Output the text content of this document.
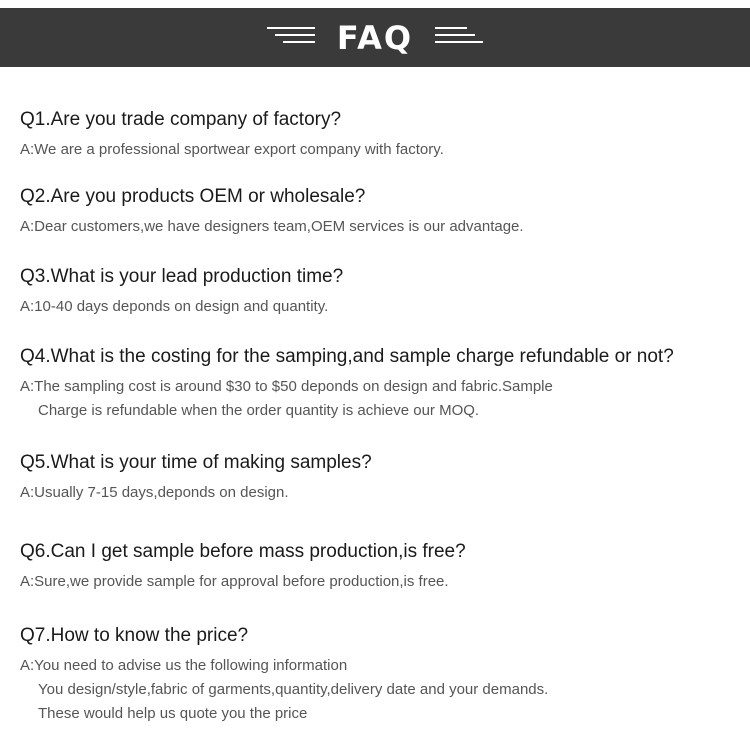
FAQ
Q1.Are you trade company of factory?
A:We are a professional sportwear export company with factory.
Q2.Are you products OEM or wholesale?
A:Dear customers,we have designers team,OEM services is our advantage.
Q3.What is your lead production time?
A:10-40 days deponds on design and quantity.
Q4.What is the costing for the samping,and sample charge refundable or not?
A:The sampling cost is around $30 to $50 deponds on design and fabric.Sample
Charge is refundable when the order quantity is achieve our MOQ.
Q5.What is your time of making samples?
A:Usually 7-15 days,deponds on design.
Q6.Can I get sample before mass production,is free?
A:Sure,we provide sample for approval before production,is free.
Q7.How to know the price?
A:You need to advise us the following information
You design/style,fabric of garments,quantity,delivery date and your demands.
These would help us quote you the price
